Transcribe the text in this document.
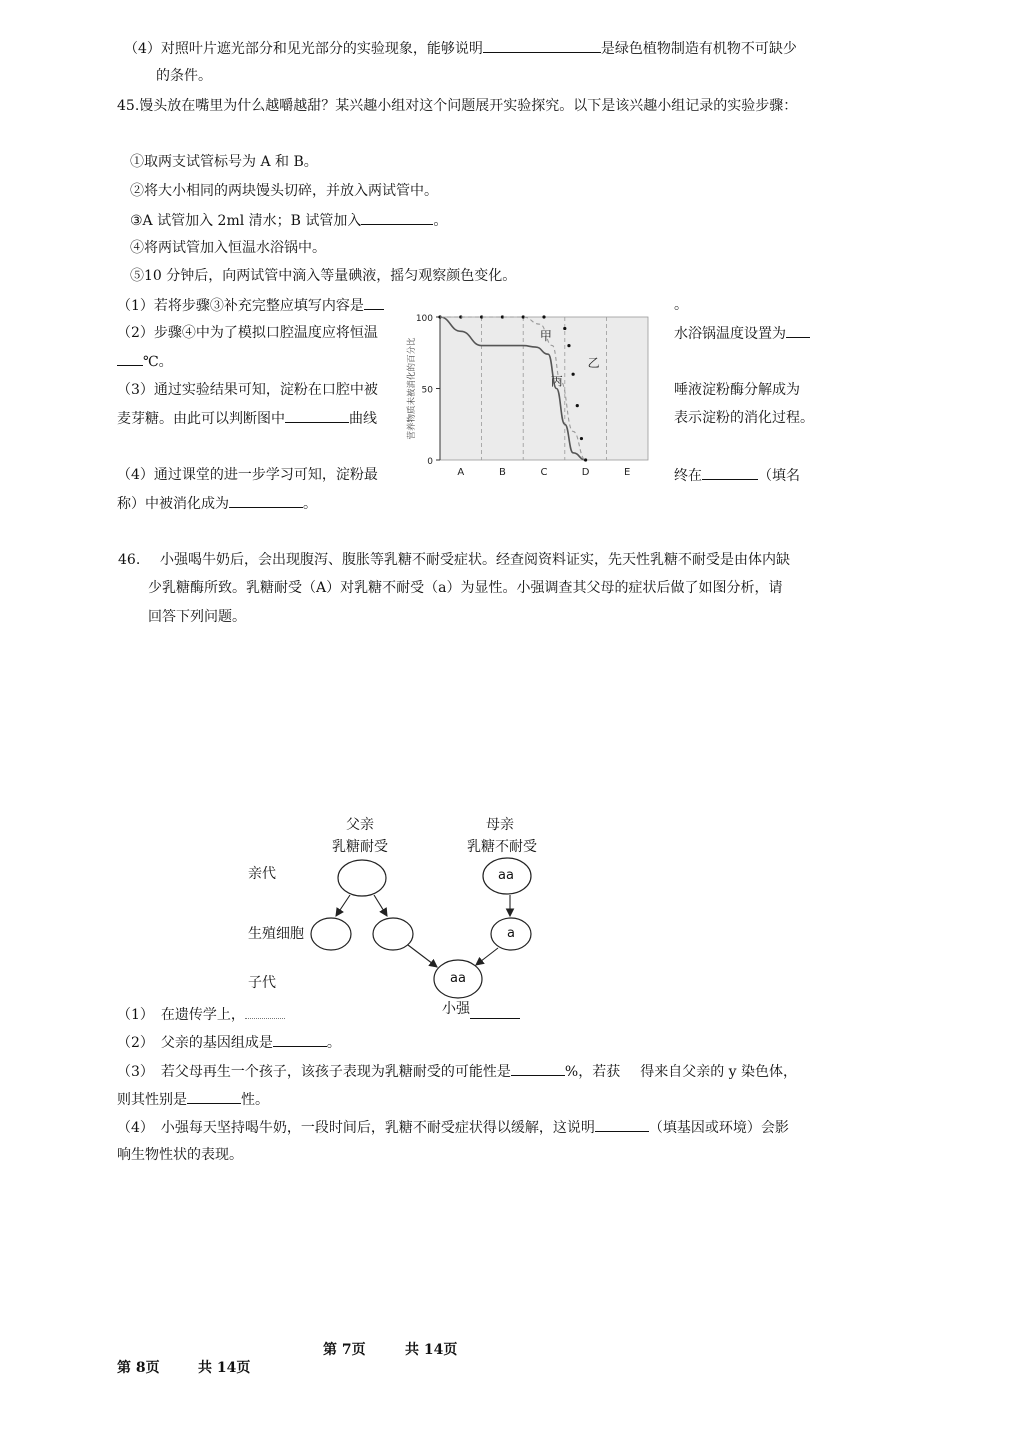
（4）对照叶片遮光部分和见光部分的实验现象，能够说明	是绿色植物制造有机物不可缺少
的条件。
45.馒头放在嘴里为什么越嚼越甜？某兴趣小组对这个问题展开实验探究。以下是该兴趣小组记录的实验步骤：
①取两支试管标号为 A 和 B。
②将大小相同的两块馒头切碎，并放入两试管中。
③A 试管加入 2ml 清水；B 试管加入	。
④将两试管加入恒温水浴锅中。
⑤10 分钟后，向两试管中滴入等量碘液，摇匀观察颜色变化。
（1）若将步骤③补充完整应填写内容是	。
（2）步骤④中为了模拟口腔温度应将恒温	水浴锅温度设置为
℃。
（3）通过实验结果可知，淀粉在口腔中被	唾液淀粉酶分解成为
麦芽糖。由此可以判断图中	曲线	表示淀粉的消化过程。
（4）通过课堂的进一步学习可知，淀粉最	终在	（填名
称）中被消化成为	。
100
50
0
营养物质未被消化的百分比
A	B	C	D	E
甲
乙
丙
46. 小强喝牛奶后，会出现腹泻、腹胀等乳糖不耐受症状。经查阅资料证实，先天性乳糖不耐受是由体内缺
少乳糖酶所致。乳糖耐受（A）对乳糖不耐受（a）为显性。小强调查其父母的症状后做了如图分析，请
回答下列问题。
父亲
乳糖耐受
母亲
乳糖不耐受
亲代
生殖细胞
子代
aa
a
aa
小强
（1）　在遗传学上，
（2）　父亲的基因组成是	。
（3）　若父母再生一个孩子，该孩子表现为乳糖耐受的可能性是	%，若获 得来自父亲的 y 染色体，
则其性别是	性。
（4）　小强每天坚持喝牛奶，一段时间后，乳糖不耐受症状得以缓解，这说明	（填基因或环境）会影
响生物性状的表现。
第 7页	共 14页
第 8页	共 14页
